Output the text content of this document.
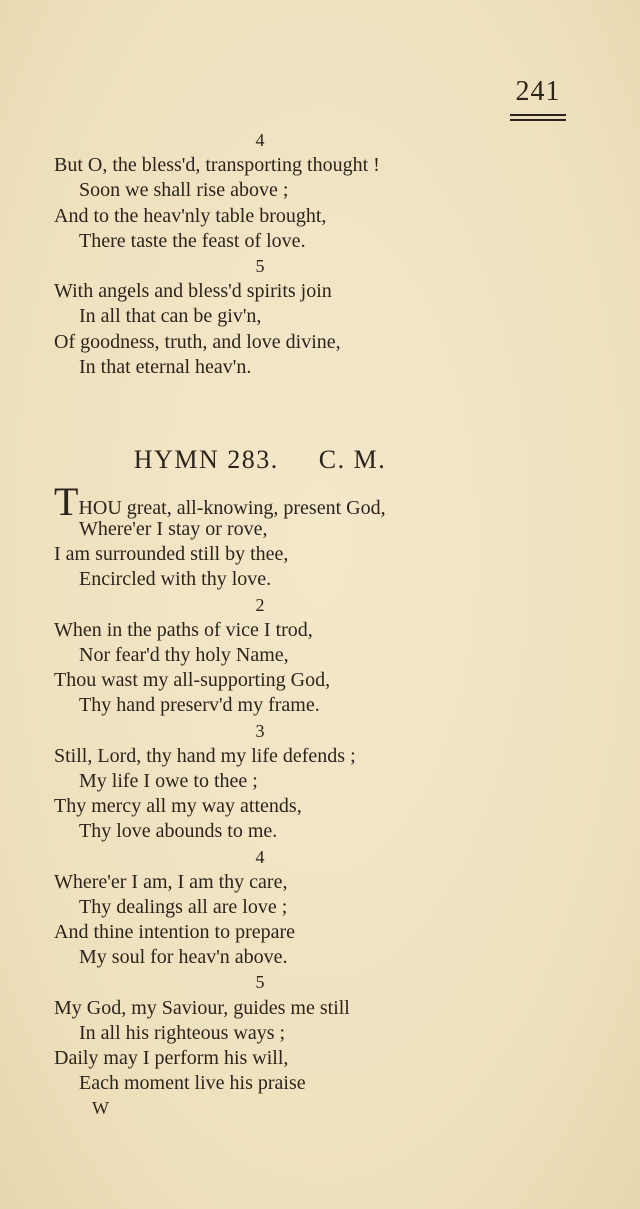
241
4
But O, the bless'd, transporting thought !
Soon we shall rise above ;
And to the heav'nly table brought,
There taste the feast of love.
5
With angels and bless'd spirits join
In all that can be giv'n,
Of goodness, truth, and love divine,
In that eternal heav'n.
HYMN 283. C. M.
THOU great, all-knowing, present God,
Where'er I stay or rove,
I am surrounded still by thee,
Encircled with thy love.
2
When in the paths of vice I trod,
Nor fear'd thy holy Name,
Thou wast my all-supporting God,
Thy hand preserv'd my frame.
3
Still, Lord, thy hand my life defends ;
My life I owe to thee ;
Thy mercy all my way attends,
Thy love abounds to me.
4
Where'er I am, I am thy care,
Thy dealings all are love ;
And thine intention to prepare
My soul for heav'n above.
5
My God, my Saviour, guides me still
In all his righteous ways ;
Daily may I perform his will,
Each moment live his praise
W
